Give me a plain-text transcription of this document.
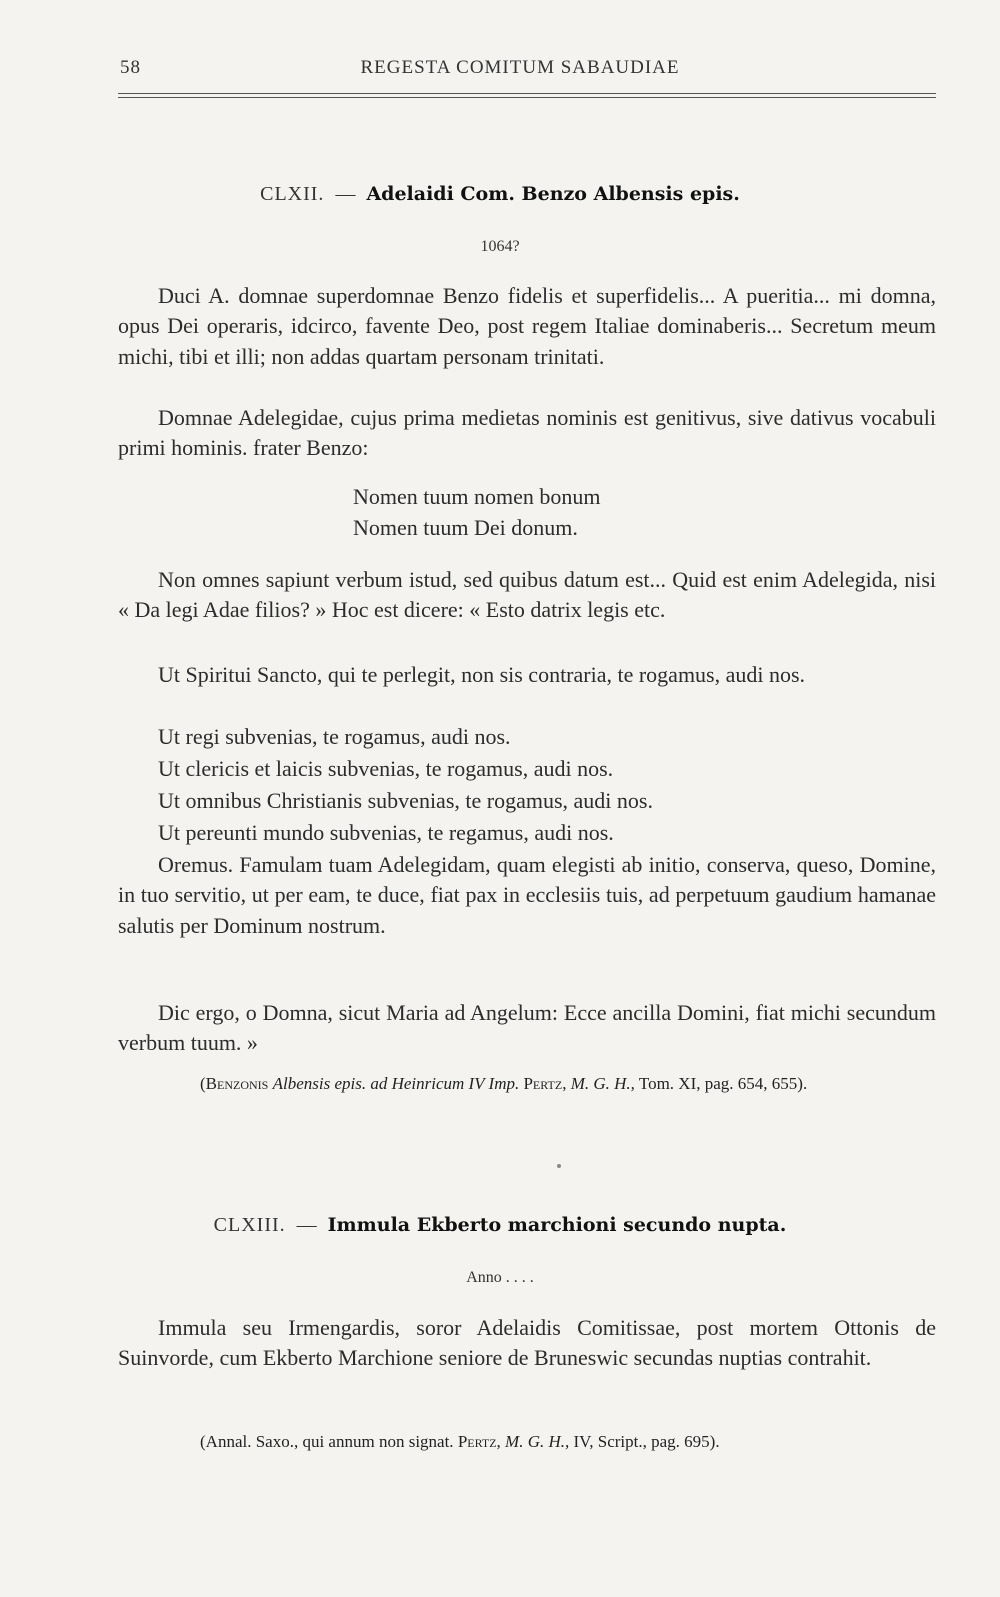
58	REGESTA COMITUM SABAUDIAE
CLXII. — Adelaidi Com. Benzo Albensis epis.
1064?

Duci A. domnae superdomnae Benzo fidelis et superfidelis... A pueritia... mi domna, opus Dei operaris, idcirco, favente Deo, post regem Italiae dominaberis... Secretum meum michi, tibi et illi; non addas quartam personam trinitati.

Domnae Adelegidae, cujus prima medietas nominis est genitivus, sive dativus vocabuli primi hominis. frater Benzo:

Nomen tuum nomen bonum
Nomen tuum Dei donum.

Non omnes sapiunt verbum istud, sed quibus datum est... Quid est enim Adelegida, nisi « Da legi Adae filios? » Hoc est dicere: « Esto datrix legis etc.

Ut Spiritui Sancto, qui te perlegit, non sis contraria, te rogamus, audi nos.

Ut regi subvenias, te rogamus, audi nos.
Ut clericis et laicis subvenias, te rogamus, audi nos.
Ut omnibus Christianis subvenias, te rogamus, audi nos.
Ut pereunti mundo subvenias, te regamus, audi nos.

Oremus. Famulam tuam Adelegidam, quam elegisti ab initio, conserva, queso, Domine, in tuo servitio, ut per eam, te duce, fiat pax in ecclesiis tuis, ad perpetuum gaudium hamanae salutis per Dominum nostrum.

Dic ergo, o Domna, sicut Maria ad Angelum: Ecce ancilla Domini, fiat michi secundum verbum tuum. »

(Benzonis Albensis epis. ad Heinricum IV Imp. Pertz, M. G. H., Tom. XI, pag. 654, 655).
CLXIII. — Immula Ekberto marchioni secundo nupta.
Anno . . . .

Immula seu Irmengardis, soror Adelaidis Comitissae, post mortem Ottonis de Suinvorde, cum Ekberto Marchione seniore de Bruneswic secundas nuptias contrahit.

(Annal. Saxo., qui annum non signat. Pertz, M. G. H., IV, Script., pag. 695).
